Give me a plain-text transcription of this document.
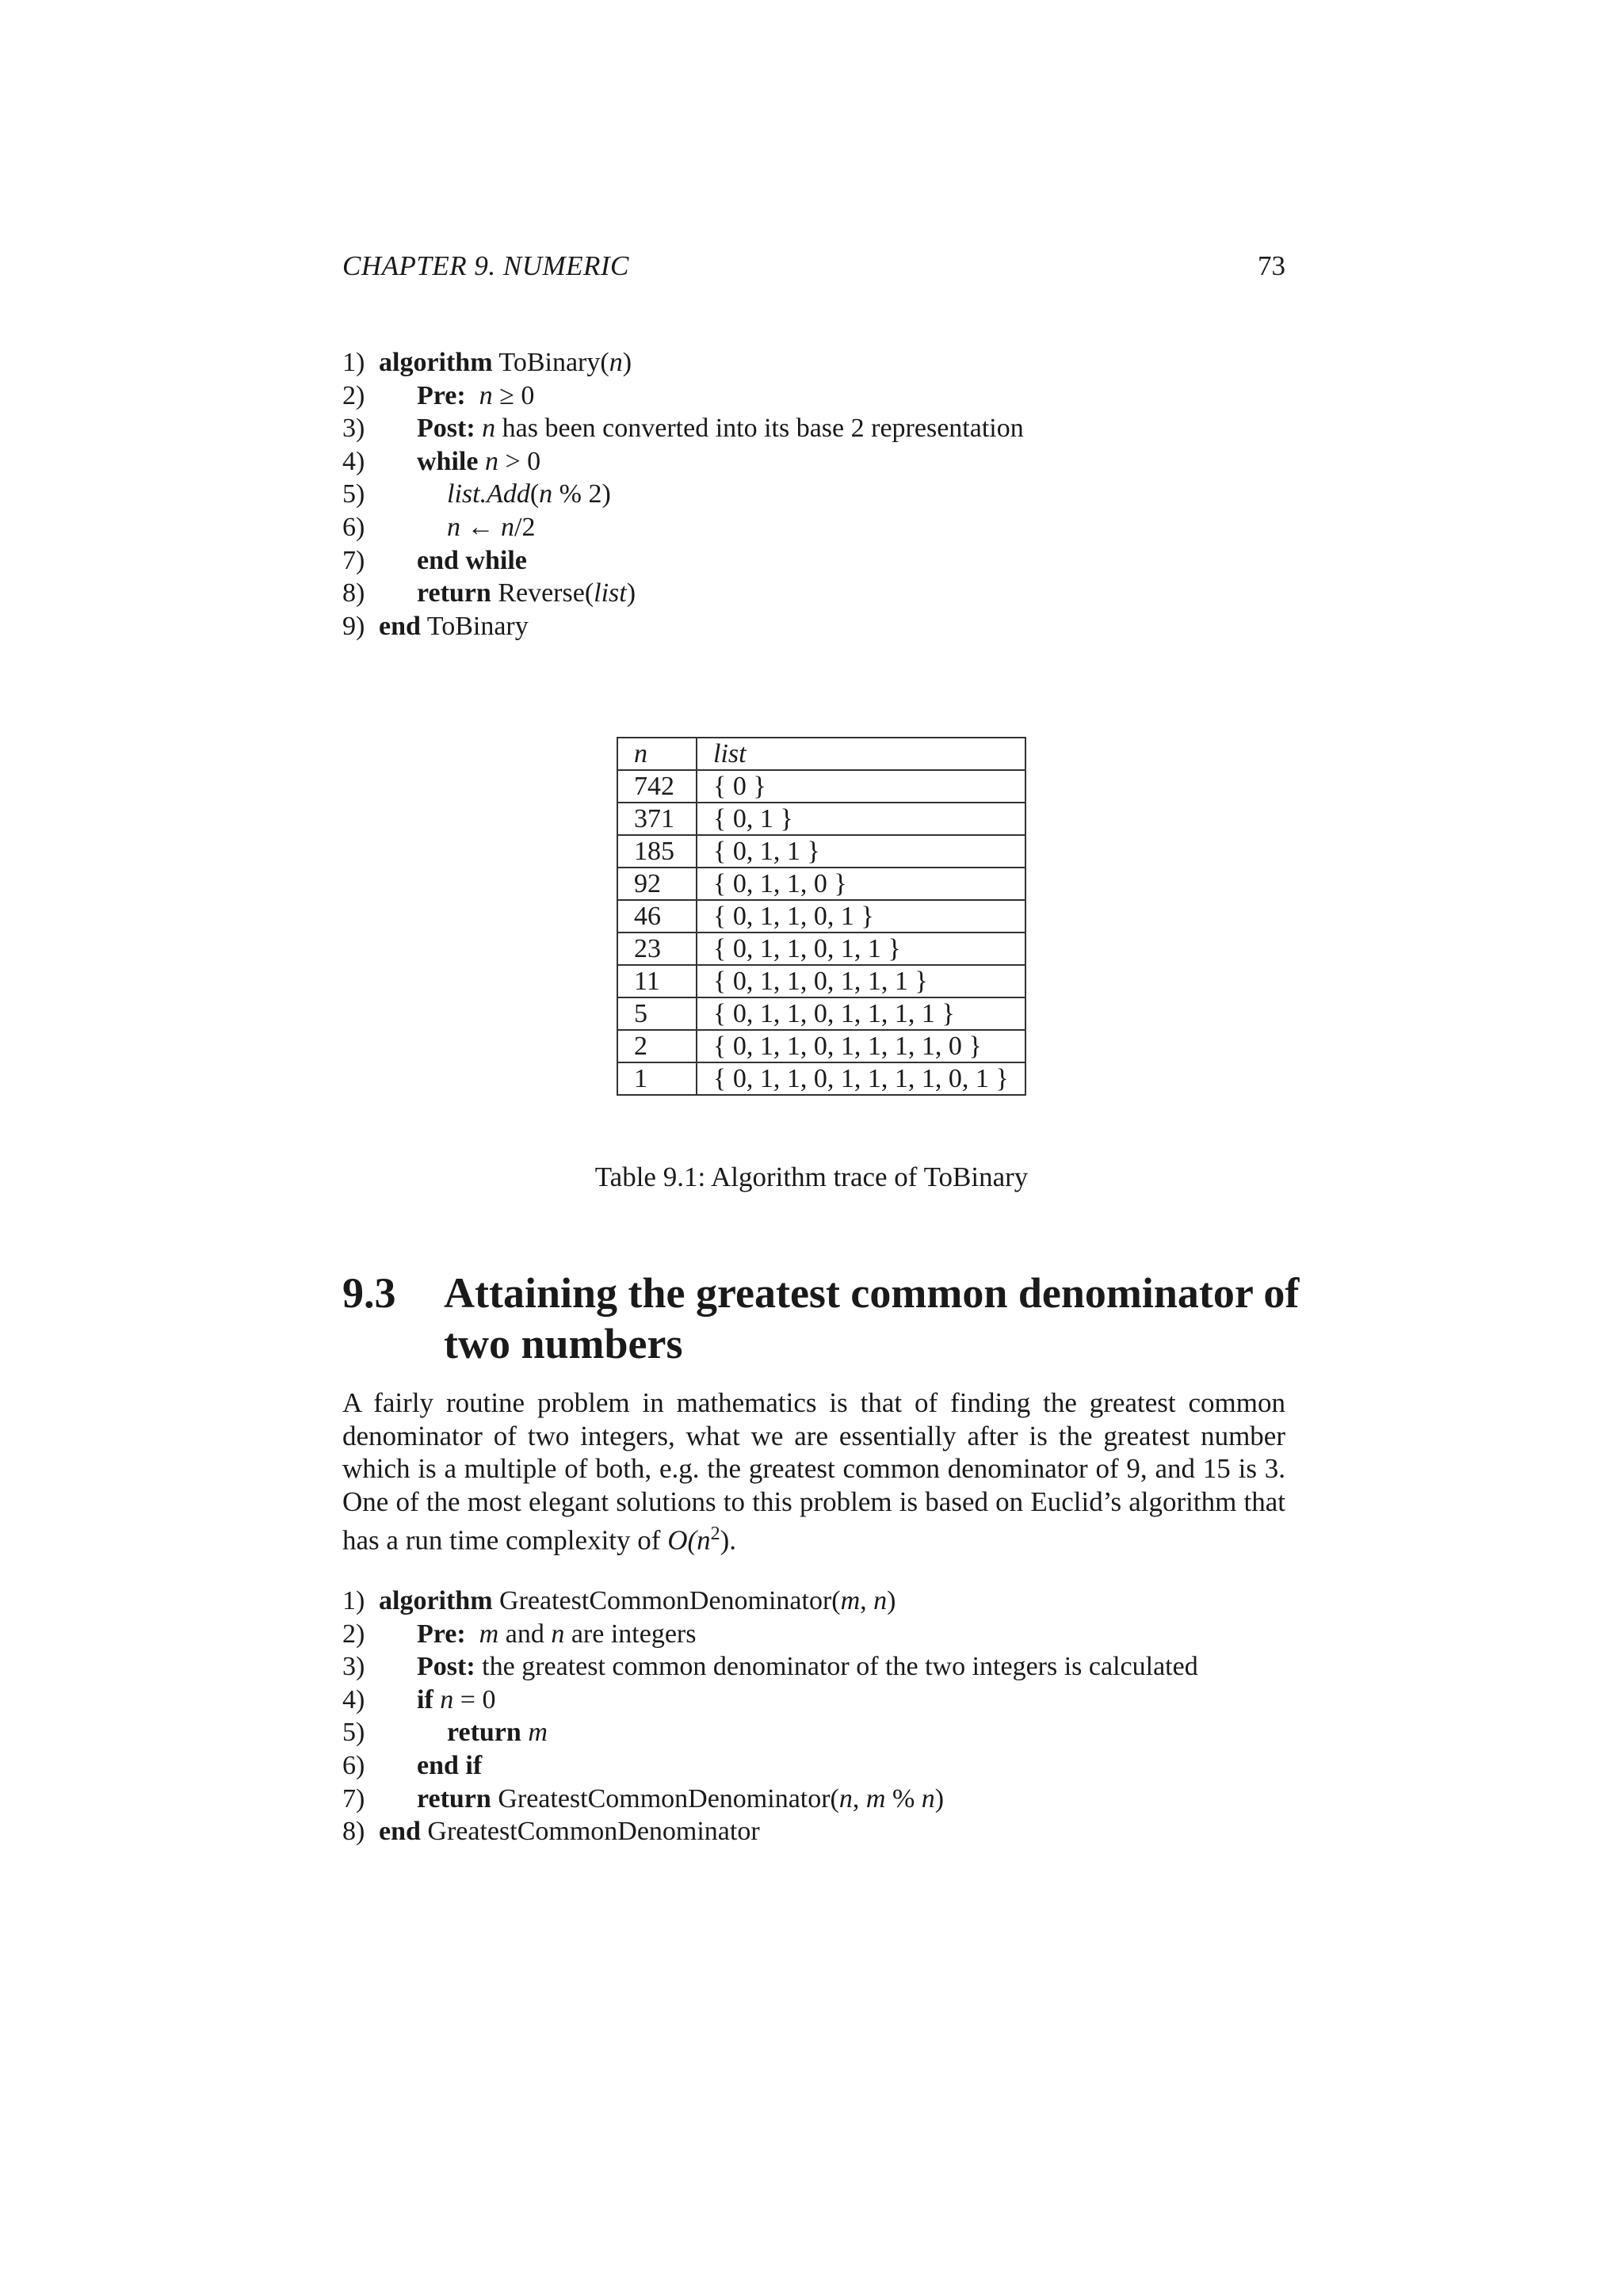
CHAPTER 9. NUMERIC	73
1) algorithm ToBinary(n)
2) Pre: n ≥ 0
3) Post: n has been converted into its base 2 representation
4) while n > 0
5)	list.Add(n % 2)
6)	n ← n/2
7) end while
8) return Reverse(list)
9) end ToBinary
n	list
742	{ 0 }
371	{ 0, 1 }
185	{ 0, 1, 1 }
92	{ 0, 1, 1, 0 }
46	{ 0, 1, 1, 0, 1 }
23	{ 0, 1, 1, 0, 1, 1 }
11	{ 0, 1, 1, 0, 1, 1, 1 }
5	{ 0, 1, 1, 0, 1, 1, 1, 1 }
2	{ 0, 1, 1, 0, 1, 1, 1, 1, 0 }
1	{ 0, 1, 1, 0, 1, 1, 1, 1, 0, 1 }
Table 9.1: Algorithm trace of ToBinary
9.3 Attaining the greatest common denominator of two numbers
A fairly routine problem in mathematics is that of finding the greatest common denominator of two integers, what we are essentially after is the greatest number which is a multiple of both, e.g. the greatest common denominator of 9, and 15 is 3. One of the most elegant solutions to this problem is based on Euclid’s algorithm that has a run time complexity of $O(n^2)$.
1) algorithm GreatestCommonDenominator(m, n)
2) Pre: m and n are integers
3) Post: the greatest common denominator of the two integers is calculated
4) if n = 0
5)	return m
6) end if
7) return GreatestCommonDenominator(n, m % n)
8) end GreatestCommonDenominator
